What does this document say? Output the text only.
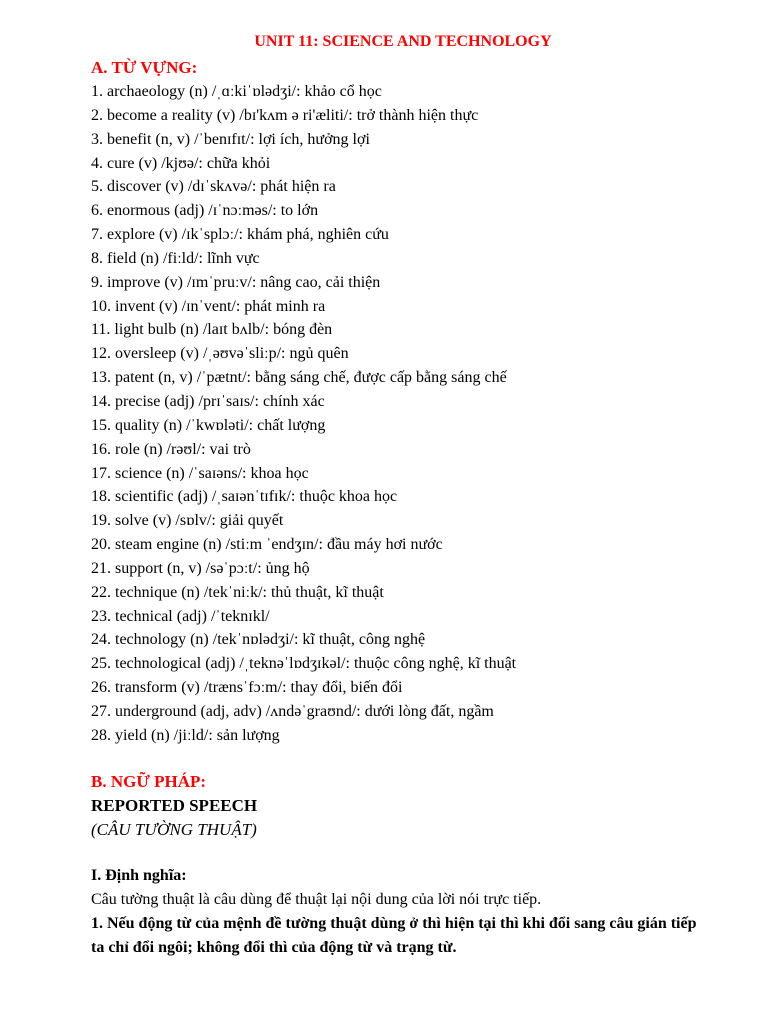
UNIT 11: SCIENCE AND TECHNOLOGY
A. TỪ VỰNG:
1. archaeology (n) /ˌɑːkiˈɒlədʒi/: khảo cổ học
2. become a reality (v) /bɪ'kʌm ə ri'æliti/: trở thành hiện thực
3. benefit (n, v) /ˈbenɪfɪt/: lợi ích, hưởng lợi
4. cure (v) /kjʊə/: chữa khỏi
5. discover (v) /dɪˈskʌvə/: phát hiện ra
6. enormous (adj) /ɪˈnɔːməs/: to lớn
7. explore (v) /ɪkˈsplɔː/: khám phá, nghiên cứu
8. field (n) /fiːld/: lĩnh vực
9. improve (v) /ɪmˈpruːv/: nâng cao, cải thiện
10. invent (v) /ɪnˈvent/: phát minh ra
11. light bulb (n) /laɪt bʌlb/: bóng đèn
12. oversleep (v) /ˌəʊvəˈsliːp/: ngủ quên
13. patent (n, v) /ˈpætnt/: bằng sáng chế, được cấp bằng sáng chế
14. precise (adj) /prɪˈsaɪs/: chính xác
15. quality (n) /ˈkwɒləti/: chất lượng
16. role (n) /rəʊl/: vai trò
17. science (n) /ˈsaɪəns/: khoa học
18. scientific (adj) /ˌsaɪənˈtɪfɪk/: thuộc khoa học
19. solve (v) /sɒlv/: giải quyết
20. steam engine (n) /stiːm ˈendʒɪn/: đầu máy hơi nước
21. support (n, v) /səˈpɔːt/: ủng hộ
22. technique (n) /tekˈniːk/: thủ thuật, kĩ thuật
23. technical (adj) /ˈteknɪkl/
24. technology (n) /tekˈnɒlədʒi/: kĩ thuật, công nghệ
25. technological (adj) /ˌteknəˈlɒdʒɪkəl/: thuộc công nghệ, kĩ thuật
26. transform (v) /trænsˈfɔːm/: thay đổi, biến đổi
27. underground (adj, adv) /ʌndəˈgraʊnd/: dưới lòng đất, ngầm
28. yield (n) /jiːld/: sản lượng
B. NGỮ PHÁP:
REPORTED SPEECH
(CÂU TƯỜNG THUẬT)
I. Định nghĩa:
Câu tường thuật là câu dùng để thuật lại nội dung của lời nói trực tiếp.
1. Nếu động từ của mệnh đề tường thuật dùng ở thì hiện tại thì khi đổi sang câu gián tiếp ta chỉ đổi ngôi; không đổi thì của động từ và trạng từ.
